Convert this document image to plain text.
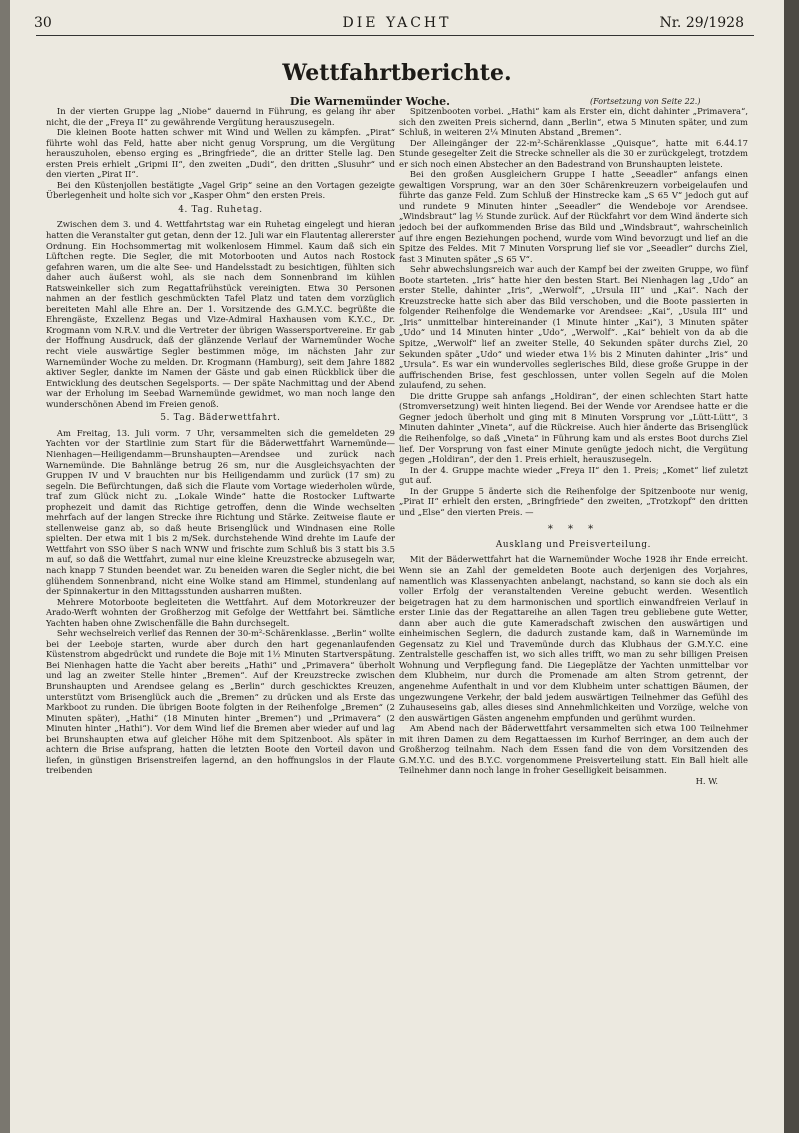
30	DIE YACHT	Nr. 29/1928
Wettfahrtberichte.
Die Warnemünder Woche.	(Fortsetzung von Seite 22.)

In der vierten Gruppe lag „Niobe“ dauernd in Führung, es gelang ihr aber nicht, die der „Freya II“ zu gewährende Vergütung herauszusegeln.

Die kleinen Boote hatten schwer mit Wind und Wellen zu kämpfen. „Pirat“ führte wohl das Feld, hatte aber nicht genug Vorsprung, um die Vergütung herauszuholen, ebenso erging es „Bringfriede“, die an dritter Stelle lag. Den ersten Preis erhielt „Gripmi II“, den zweiten „Dudi“, den dritten „Slusuhr“ und den vierten „Pirat II“.

Bei den Küstenjollen bestätigte „Vagel Grip“ seine an den Vortagen gezeigte Überlegenheit und holte sich vor „Kasper Ohm“ den ersten Preis.

4. Tag. Ruhetag.

Zwischen dem 3. und 4. Wettfahrtstag war ein Ruhetag eingelegt und hieran hatten die Veranstalter gut getan, denn der 12. Juli war ein Flautentag allererster Ordnung. Ein Hochsommertag mit wolkenlosem Himmel. Kaum daß sich ein Lüftchen regte. Die Segler, die mit Motorbooten und Autos nach Rostock gefahren waren, um die alte See- und Handelsstadt zu besichtigen, fühlten sich daher auch äußerst wohl, als sie nach dem Sonnenbrand im kühlen Ratsweinkeller sich zum Regattafrühstück vereinigten. Etwa 30 Personen nahmen an der festlich geschmückten Tafel Platz und taten dem vorzüglich bereiteten Mahl alle Ehre an. Der 1. Vorsitzende des G.M.Y.C. begrüßte die Ehrengäste, Exzellenz Begas und Vize-Admiral Haxhausen vom K.Y.C., Dr. Krogmann vom N.R.V. und die Vertreter der übrigen Wassersportvereine. Er gab der Hoffnung Ausdruck, daß der glänzende Verlauf der Warnemünder Woche recht viele auswärtige Segler bestimmen möge, im nächsten Jahr zur Warnemünder Woche zu melden. Dr. Krogmann (Hamburg), seit dem Jahre 1882 aktiver Segler, dankte im Namen der Gäste und gab einen Rückblick über die Entwicklung des deutschen Segelsports. — Der späte Nachmittag und der Abend war der Erholung im Seebad Warnemünde gewidmet, wo man noch lange den wunderschönen Abend im Freien genoß.

5. Tag. Bäderwettfahrt.

Am Freitag, 13. Juli vorm. 7 Uhr, versammelten sich die gemeldeten 29 Yachten vor der Startlinie zum Start für die Bäderwettfahrt Warnemünde—Nienhagen—Heiligendamm—Brunshaupten—Arendsee und zurück nach Warnemünde. Die Bahnlänge betrug 26 sm, nur die Ausgleichsyachten der Gruppen IV und V brauchten nur bis Heiligendamm und zurück (17 sm) zu segeln. Die Befürchtungen, daß sich die Flaute vom Vortage wiederholen würde, traf zum Glück nicht zu. „Lokale Winde“ hatte die Rostocker Luftwarte prophezeit und damit das Richtige getroffen, denn die Winde wechselten mehrfach auf der langen Strecke ihre Richtung und Stärke. Zeitweise flaute er stellenweise ganz ab, so daß heute Brisenglück und Windnasen eine Rolle spielten. Der etwa mit 1 bis 2 m/Sek. durchstehende Wind drehte im Laufe der Wettfahrt von SSO über S nach WNW und frischte zum Schluß bis 3 statt bis 3.5 m auf, so daß die Wettfahrt, zumal nur eine kleine Kreuzstrecke abzusegeln war, nach knapp 7 Stunden beendet war. Zu beneiden waren die Segler nicht, die bei glühendem Sonnenbrand, nicht eine Wolke stand am Himmel, stundenlang auf der Spinnakertur in den Mittagsstunden ausharren mußten.

Mehrere Motorboote begleiteten die Wettfahrt. Auf dem Motorkreuzer der Arado-Werft wohnten der Großherzog mit Gefolge der Wettfahrt bei. Sämtliche Yachten haben ohne Zwischenfälle die Bahn durchsegelt.

Sehr wechselreich verlief das Rennen der 30-m²-Schärenklasse. „Berlin“ wollte bei der Leeboje starten, wurde aber durch den hart gegenanlaufenden Küstenstrom abgedrückt und rundete die Boje mit 1½ Minuten Startverspätung. Bei Nienhagen hatte die Yacht aber bereits „Hathi“ und „Primavera“ überholt und lag an zweiter Stelle hinter „Bremen“. Auf der Kreuzstrecke zwischen Brunshaupten und Arendsee gelang es „Berlin“ durch geschicktes Kreuzen, unterstützt vom Brisenglück auch die „Bremen“ zu drücken und als Erste das Markboot zu runden. Die übrigen Boote folgten in der Reihenfolge „Bremen“ (2 Minuten später), „Hathi“ (18 Minuten hinter „Bremen“) und „Primavera“ (2 Minuten hinter „Hathi“). Vor dem Wind lief die Bremen aber wieder auf und lag bei Brunshaupten etwa auf gleicher Höhe mit dem Spitzenboot. Als später in achtern die Brise aufsprang, hatten die letzten Boote den Vorteil davon und liefen, in günstigen Brisenstreifen lagernd, an den hoffnungslos in der Flaute treibenden

Spitzenbooten vorbei. „Hathi“ kam als Erster ein, dicht dahinter „Primavera“, sich den zweiten Preis sichernd, dann „Berlin“, etwa 5 Minuten später, und zum Schluß, in weiteren 2¼ Minuten Abstand „Bremen“.

Der Alleingänger der 22-m²-Schärenklasse „Quisque“, hatte mit 6.44.17 Stunde gesegelter Zeit die Strecke schneller als die 30 er zurückgelegt, trotzdem er sich noch einen Abstecher an den Badestrand von Brunshaupten leistete.

Bei den großen Ausgleichern Gruppe I hatte „Seeadler“ anfangs einen gewaltigen Vorsprung, war an den 30er Schärenkreuzern vorbeigelaufen und führte das ganze Feld. Zum Schluß der Hinstrecke kam „S 65 V“ jedoch gut auf und rundete 9 Minuten hinter „Seeadler“ die Wendeboje vor Arendsee. „Windsbraut“ lag ½ Stunde zurück. Auf der Rückfahrt vor dem Wind änderte sich jedoch bei der aufkommenden Brise das Bild und „Windsbraut“, wahrscheinlich auf ihre engen Beziehungen pochend, wurde vom Wind bevorzugt und lief an die Spitze des Feldes. Mit 7 Minuten Vorsprung lief sie vor „Seeadler“ durchs Ziel, fast 3 Minuten später „S 65 V“.

Sehr abwechslungsreich war auch der Kampf bei der zweiten Gruppe, wo fünf Boote starteten. „Iris“ hatte hier den besten Start. Bei Nienhagen lag „Udo“ an erster Stelle, dahinter „Iris“, „Werwolf“, „Ursula III“ und „Kai“. Nach der Kreuzstrecke hatte sich aber das Bild verschoben, und die Boote passierten in folgender Reihenfolge die Wendemarke vor Arendsee: „Kai“, „Usula III“ und „Iris“ unmittelbar hintereinander (1 Minute hinter „Kai“), 3 Minuten später „Udo“ und 14 Minuten hinter „Udo“, „Werwolf“. „Kai“ behielt von da ab die Spitze, „Werwolf“ lief an zweiter Stelle, 40 Sekunden später durchs Ziel, 20 Sekunden später „Udo“ und wieder etwa 1½ bis 2 Minuten dahinter „Iris“ und „Ursula“. Es war ein wundervolles seglerisches Bild, diese große Gruppe in der auffrischenden Brise, fest geschlossen, unter vollen Segeln auf die Molen zulaufend, zu sehen.

Die dritte Gruppe sah anfangs „Holdiran“, der einen schlechten Start hatte (Stromversetzung) weit hinten liegend. Bei der Wende vor Arendsee hatte er die Gegner jedoch überholt und ging mit 8 Minuten Vorsprung vor „Lütt-Lütt“, 3 Minuten dahinter „Vineta“, auf die Rückreise. Auch hier änderte das Brisenglück die Reihenfolge, so daß „Vineta“ in Führung kam und als erstes Boot durchs Ziel lief. Der Vorsprung von fast einer Minute genügte jedoch nicht, die Vergütung gegen „Holdiran“, der den 1. Preis erhielt, herauszusegeln.

In der 4. Gruppe machte wieder „Freya II“ den 1. Preis; „Komet“ lief zuletzt gut auf.

In der Gruppe 5 änderte sich die Reihenfolge der Spitzenboote nur wenig, „Pirat II“ erhielt den ersten, „Bringfriede“ den zweiten, „Trotzkopf“ den dritten und „Else“ den vierten Preis. —

* * *
Ausklang und Preisverteilung.

Mit der Bäderwettfahrt hat die Warnemünder Woche 1928 ihr Ende erreicht. Wenn sie an Zahl der gemeldeten Boote auch derjenigen des Vorjahres, namentlich was Klassenyachten anbelangt, nachstand, so kann sie doch als ein voller Erfolg der veranstaltenden Vereine gebucht werden. Wesentlich beigetragen hat zu dem harmonischen und sportlich einwandfreien Verlauf in erster Linie das der Regattareihe an allen Tagen treu gebliebene gute Wetter, dann aber auch die gute Kameradschaft zwischen den auswärtigen und einheimischen Seglern, die dadurch zustande kam, daß in Warnemünde im Gegensatz zu Kiel und Travemünde durch das Klubhaus der G.M.Y.C. eine Zentralstelle geschaffen ist, wo sich alles trifft, wo man zu sehr billigen Preisen Wohnung und Verpflegung fand. Die Liegeplätze der Yachten unmittelbar vor dem Klubheim, nur durch die Promenade am alten Strom getrennt, der angenehme Aufenthalt in und vor dem Klubheim unter schattigen Bäumen, der ungezwungene Verkehr, der bald jedem auswärtigen Teilnehmer das Gefühl des Zuhauseseins gab, alles dieses sind Annehmlichkeiten und Vorzüge, welche von den auswärtigen Gästen angenehm empfunden und gerühmt wurden.

Am Abend nach der Bäderwettfahrt versammelten sich etwa 100 Teilnehmer mit ihren Damen zu dem Regattaessen im Kurhof Berringer, an dem auch der Großherzog teilnahm. Nach dem Essen fand die von dem Vorsitzenden des G.M.Y.C. und des B.Y.C. vorgenommene Preisverteilung statt. Ein Ball hielt alle Teilnehmer dann noch lange in froher Geselligkeit beisammen.

H. W.
